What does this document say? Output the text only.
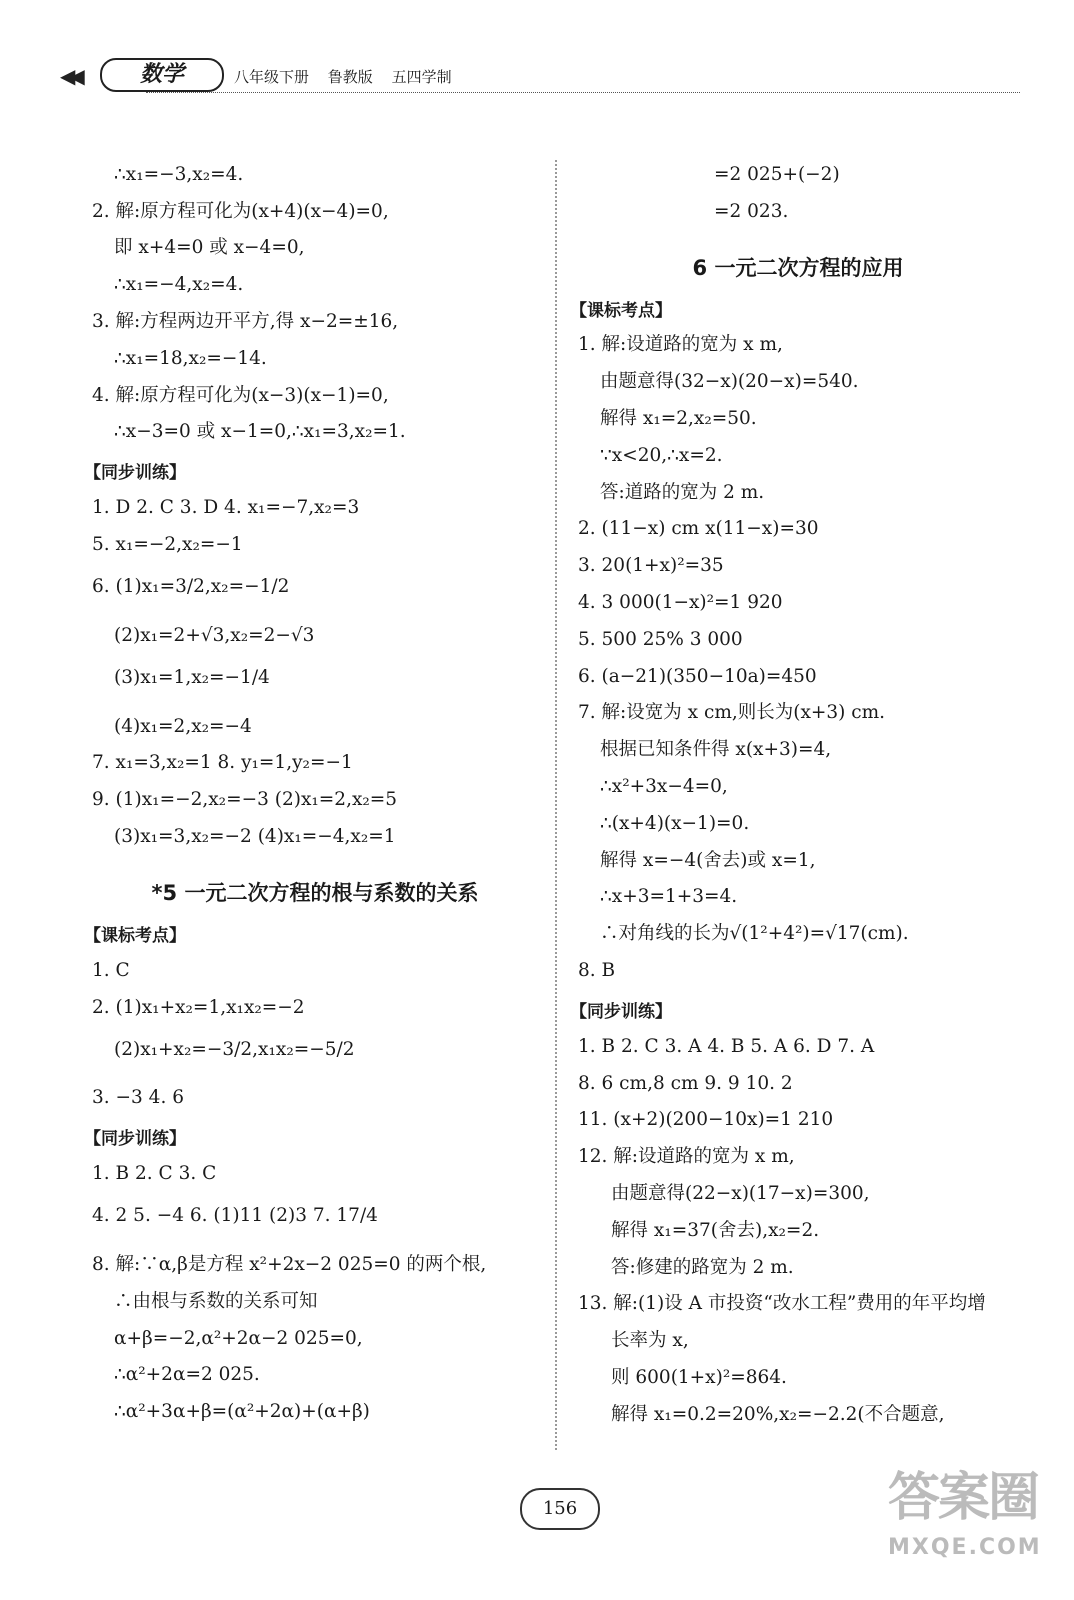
◀◀	数学	八年级下册 鲁教版 五四学制
∴x₁=−3,x₂=4.
2. 解:原方程可化为(x+4)(x−4)=0,
即 x+4=0 或 x−4=0,
∴x₁=−4,x₂=4.
3. 解:方程两边开平方,得 x−2=±16,
∴x₁=18,x₂=−14.
4. 解:原方程可化为(x−3)(x−1)=0,
∴x−3=0 或 x−1=0,∴x₁=3,x₂=1.
【同步训练】
1. D 2. C 3. D 4. x₁=−7,x₂=3
5. x₁=−2,x₂=−1
6. (1)x₁=3/2,x₂=−1/2
(2)x₁=2+√3,x₂=2−√3
(3)x₁=1,x₂=−1/4
(4)x₁=2,x₂=−4
7. x₁=3,x₂=1 8. y₁=1,y₂=−1
9. (1)x₁=−2,x₂=−3 (2)x₁=2,x₂=5
(3)x₁=3,x₂=−2 (4)x₁=−4,x₂=1
*5 一元二次方程的根与系数的关系
【课标考点】
1. C
2. (1)x₁+x₂=1,x₁x₂=−2
(2)x₁+x₂=−3/2,x₁x₂=−5/2
3. −3 4. 6
【同步训练】
1. B 2. C 3. C
4. 2 5. −4 6. (1)11 (2)3 7. 17/4
8. 解:∵α,β是方程 x²+2x−2 025=0 的两个根,
∴由根与系数的关系可知
α+β=−2,α²+2α−2 025=0,
∴α²+2α=2 025.
∴α²+3α+β=(α²+2α)+(α+β)
=2 025+(−2)
=2 023.
6 一元二次方程的应用
【课标考点】
1. 解:设道路的宽为 x m,
由题意得(32−x)(20−x)=540.
解得 x₁=2,x₂=50.
∵x<20,∴x=2.
答:道路的宽为 2 m.
2. (11−x) cm x(11−x)=30
3. 20(1+x)²=35
4. 3 000(1−x)²=1 920
5. 500 25% 3 000
6. (a−21)(350−10a)=450
7. 解:设宽为 x cm,则长为(x+3) cm.
根据已知条件得 x(x+3)=4,
∴x²+3x−4=0,
∴(x+4)(x−1)=0.
解得 x=−4(舍去)或 x=1,
∴x+3=1+3=4.
∴对角线的长为√(1²+4²)=√17(cm).
8. B
【同步训练】
1. B 2. C 3. A 4. B 5. A 6. D 7. A
8. 6 cm,8 cm 9. 9 10. 2
11. (x+2)(200−10x)=1 210
12. 解:设道路的宽为 x m,
由题意得(22−x)(17−x)=300,
解得 x₁=37(舍去),x₂=2.
答:修建的路宽为 2 m.
13. 解:(1)设 A 市投资“改水工程”费用的年平均增
长率为 x,
则 600(1+x)²=864.
解得 x₁=0.2=20%,x₂=−2.2(不合题意,
156	答案圈
MXQE.COM
